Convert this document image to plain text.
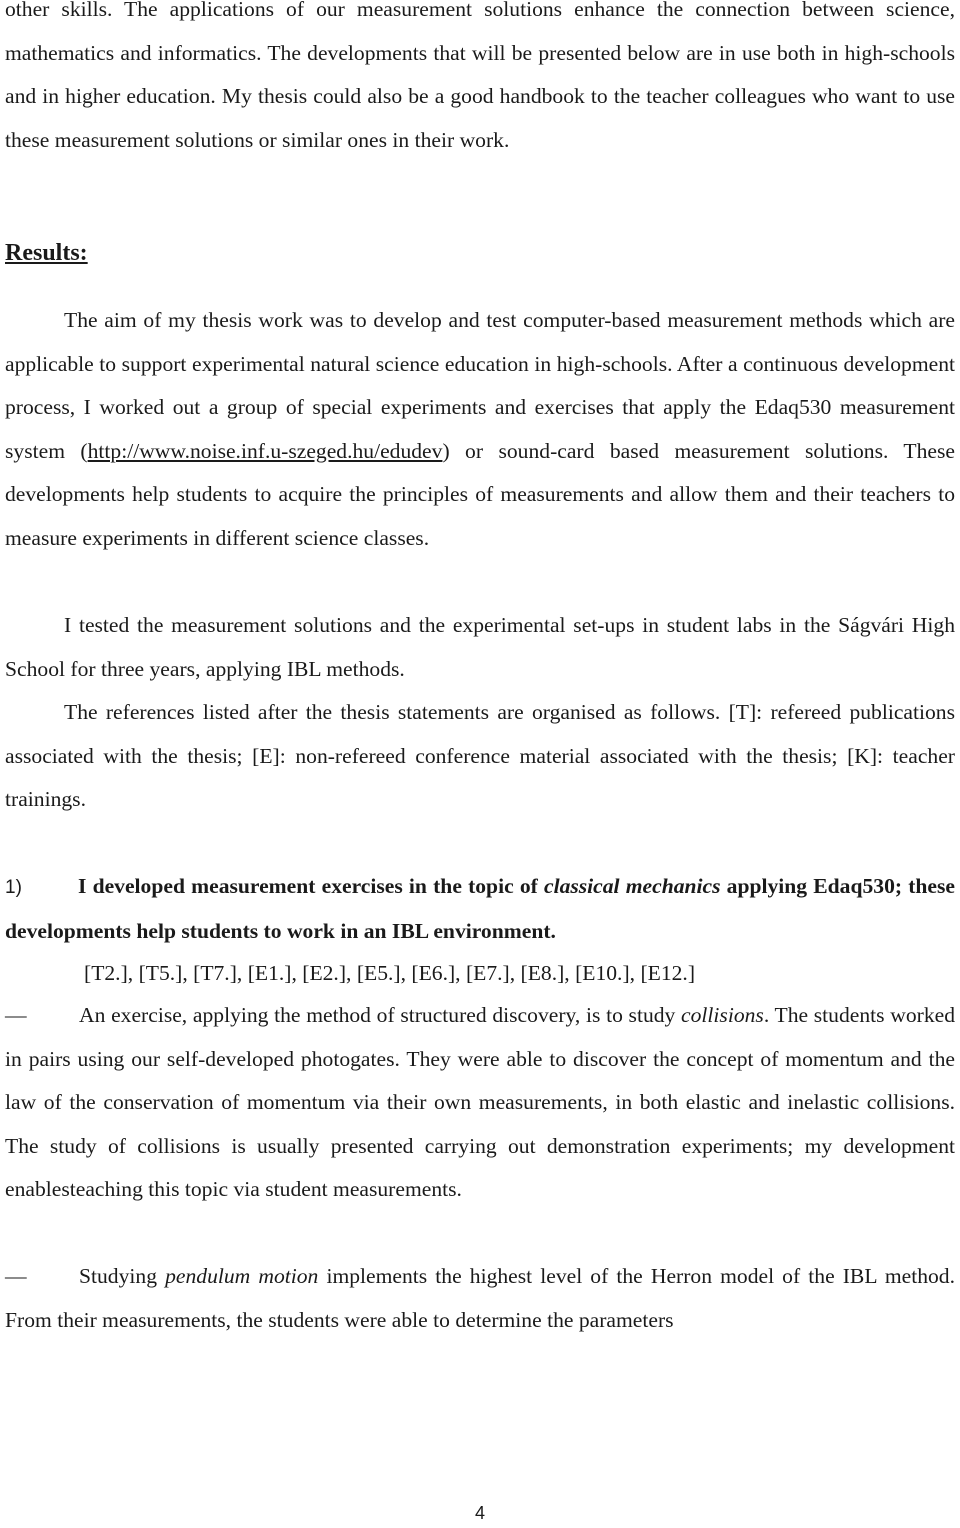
other skills. The applications of our measurement solutions enhance the connection between science, mathematics and informatics. The developments that will be presented below are in use both in high-schools and in higher education. My thesis could also be a good handbook to the teacher colleagues who want to use these measurement solutions or similar ones in their work.

Results:

The aim of my thesis work was to develop and test computer-based measurement methods which are applicable to support experimental natural science education in high-schools. After a continuous development process, I worked out a group of special experiments and exercises that apply the Edaq530 measurement system (http://www.noise.inf.u-szeged.hu/edudev) or sound-card based measurement solutions. These developments help students to acquire the principles of measurements and allow them and their teachers to measure experiments in different science classes.

I tested the measurement solutions and the experimental set-ups in student labs in the Ságvári High School for three years, applying IBL methods.

The references listed after the thesis statements are organised as follows. [T]: refereed publications associated with the thesis; [E]: non-refereed conference material associated with the thesis; [K]: teacher trainings.

1)	I developed measurement exercises in the topic of classical mechanics applying Edaq530; these developments help students to work in an IBL environment.

[T2.], [T5.], [T7.], [E1.], [E2.], [E5.], [E6.], [E7.], [E8.], [E10.], [E12.]

— An exercise, applying the method of structured discovery, is to study collisions. The students worked in pairs using our self-developed photogates. They were able to discover the concept of momentum and the law of the conservation of momentum via their own measurements, in both elastic and inelastic collisions. The study of collisions is usually presented carrying out demonstration experiments; my development enablesteaching this topic via student measurements.

— Studying pendulum motion implements the highest level of the Herron model of the IBL method. From their measurements, the students were able to determine the parameters

4
